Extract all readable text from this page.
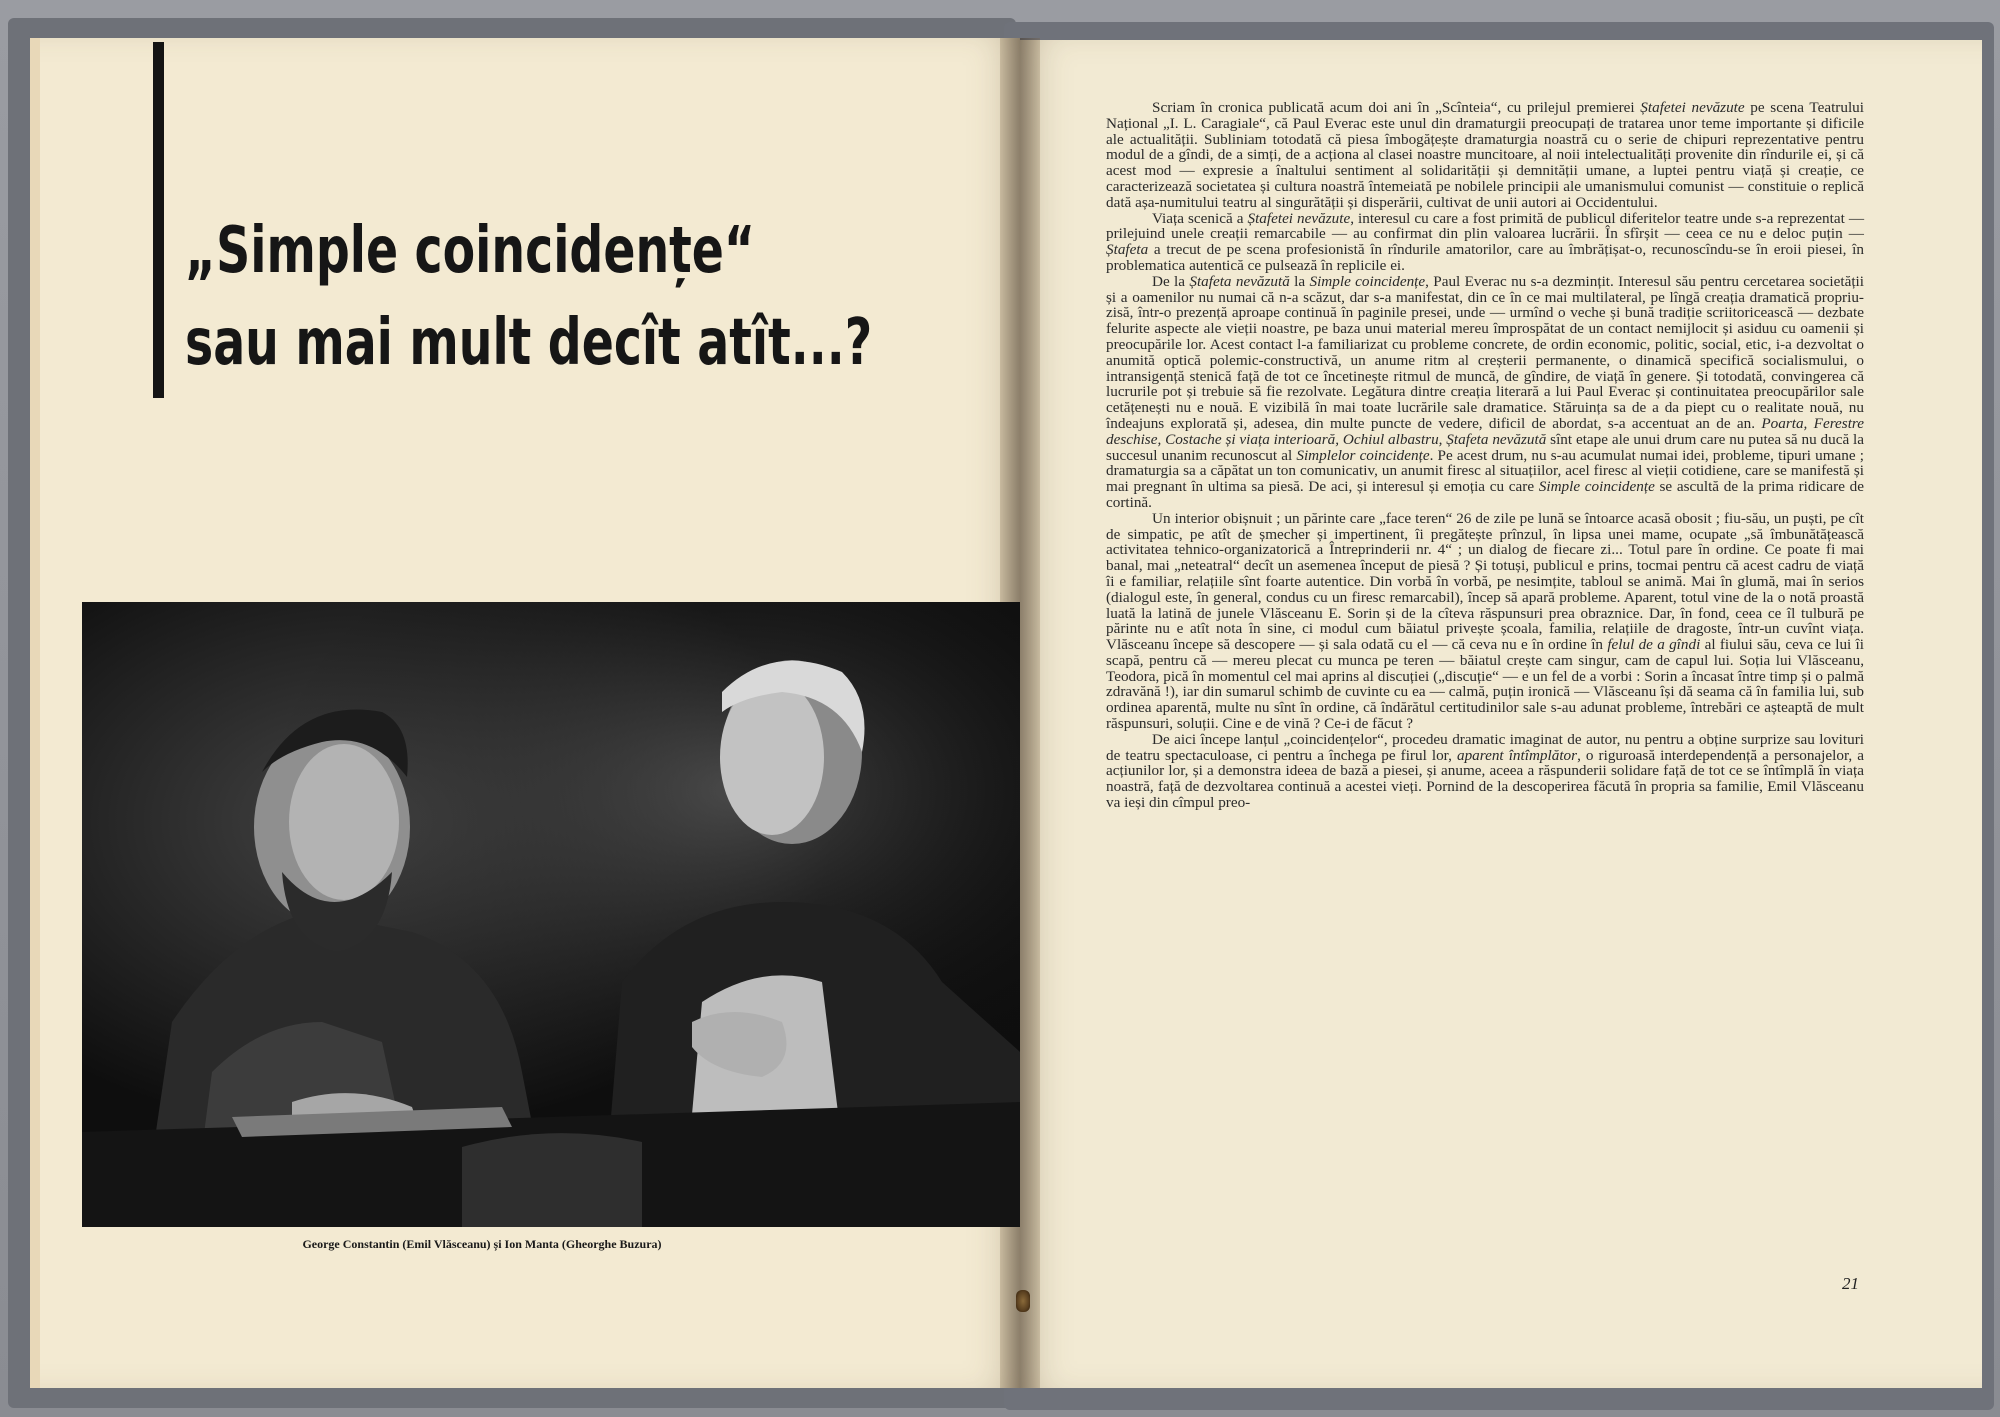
„Simple coincidențe“
sau mai mult decît atît...?

George Constantin (Emil Vlăsceanu) și Ion Manta (Gheorghe Buzura)

Scriam în cronica publicată acum doi ani în „Scînteia“, cu prilejul premierei Ștafetei nevăzute pe scena Teatrului Național „I. L. Caragiale“, că Paul Everac este unul din dramaturgii preocupați de tratarea unor teme importante și dificile ale actualității. Subliniam totodată că piesa îmbogățește dramaturgia noastră cu o serie de chipuri reprezentative pentru modul de a gîndi, de a simți, de a acționa al clasei noastre muncitoare, al noii intelectualități provenite din rîndurile ei, și că acest mod — expresie a înaltului sentiment al solidarității și demnității umane, a luptei pentru viață și creație, ce caracterizează societatea și cultura noastră întemeiată pe nobilele principii ale umanismului comunist — constituie o replică dată așa-numitului teatru al singurătății și disperării, cultivat de unii autori ai Occidentului.

Viața scenică a Ștafetei nevăzute, interesul cu care a fost primită de publicul diferitelor teatre unde s-a reprezentat — prilejuind unele creații remarcabile — au confirmat din plin valoarea lucrării. În sfîrșit — ceea ce nu e deloc puțin — Ștafeta a trecut de pe scena profesionistă în rîndurile amatorilor, care au îmbrățișat-o, recunoscîndu-se în eroii piesei, în problematica autentică ce pulsează în replicile ei.

De la Ștafeta nevăzută la Simple coincidențe, Paul Everac nu s-a dezmințit. Interesul său pentru cercetarea societății și a oamenilor nu numai că n-a scăzut, dar s-a manifestat, din ce în ce mai multilateral, pe lîngă creația dramatică propriu-zisă, într-o prezență aproape continuă în paginile presei, unde — urmînd o veche și bună tradiție scriitoricească — dezbate felurite aspecte ale vieții noastre, pe baza unui material mereu împrospătat de un contact nemijlocit și asiduu cu oamenii și preocupările lor. Acest contact l-a familiarizat cu probleme concrete, de ordin economic, politic, social, etic, i-a dezvoltat o anumită optică polemic-constructivă, un anume ritm al creșterii permanente, o dinamică specifică socialismului, o intransigență stenică față de tot ce încetinește ritmul de muncă, de gîndire, de viață în genere. Și totodată, convingerea că lucrurile pot și trebuie să fie rezolvate. Legătura dintre creația literară a lui Paul Everac și continuitatea preocupărilor sale cetățenești nu e nouă. E vizibilă în mai toate lucrările sale dramatice. Stăruința sa de a da piept cu o realitate nouă, nu îndeajuns explorată și, adesea, din multe puncte de vedere, dificil de abordat, s-a accentuat an de an. Poarta, Ferestre deschise, Costache și viața interioară, Ochiul albastru, Ștafeta nevăzută sînt etape ale unui drum care nu putea să nu ducă la succesul unanim recunoscut al Simplelor coincidențe. Pe acest drum, nu s-au acumulat numai idei, probleme, tipuri umane ; dramaturgia sa a căpătat un ton comunicativ, un anumit firesc al situațiilor, acel firesc al vieții cotidiene, care se manifestă și mai pregnant în ultima sa piesă. De aci, și interesul și emoția cu care Simple coincidențe se ascultă de la prima ridicare de cortină.

Un interior obișnuit ; un părinte care „face teren“ 26 de zile pe lună se întoarce acasă obosit ; fiu-său, un puști, pe cît de simpatic, pe atît de șmecher și impertinent, îi pregătește prînzul, în lipsa unei mame, ocupate „să îmbunătățească activitatea tehnico-organizatorică a Întreprinderii nr. 4“ ; un dialog de fiecare zi... Totul pare în ordine. Ce poate fi mai banal, mai „neteatral“ decît un asemenea început de piesă ? Și totuși, publicul e prins, tocmai pentru că acest cadru de viață îi e familiar, relațiile sînt foarte autentice. Din vorbă în vorbă, pe nesimțite, tabloul se animă. Mai în glumă, mai în serios (dialogul este, în general, condus cu un firesc remarcabil), încep să apară probleme. Aparent, totul vine de la o notă proastă luată la latină de junele Vlăsceanu E. Sorin și de la cîteva răspunsuri prea obraznice. Dar, în fond, ceea ce îl tulbură pe părinte nu e atît nota în sine, ci modul cum băiatul privește școala, familia, relațiile de dragoste, într-un cuvînt viața. Vlăsceanu începe să descopere — și sala odată cu el — că ceva nu e în ordine în felul de a gîndi al fiului său, ceva ce lui îi scapă, pentru că — mereu plecat cu munca pe teren — băiatul crește cam singur, cam de capul lui. Soția lui Vlăsceanu, Teodora, pică în momentul cel mai aprins al discuției („discuție“ — e un fel de a vorbi : Sorin a încasat între timp și o palmă zdravănă !), iar din sumarul schimb de cuvinte cu ea — calmă, puțin ironică — Vlăsceanu își dă seama că în familia lui, sub ordinea aparentă, multe nu sînt în ordine, că îndărătul certitudinilor sale s-au adunat probleme, întrebări ce așteaptă de mult răspunsuri, soluții. Cine e de vină ? Ce-i de făcut ?

De aici începe lanțul „coincidențelor“, procedeu dramatic imaginat de autor, nu pentru a obține surprize sau lovituri de teatru spectaculoase, ci pentru a închega pe firul lor, aparent întîmplător, o riguroasă interdependență a personajelor, a acțiunilor lor, și a demonstra ideea de bază a piesei, și anume, aceea a răspunderii solidare față de tot ce se întîmplă în viața noastră, față de dezvoltarea continuă a acestei vieți. Pornind de la descoperirea făcută în propria sa familie, Emil Vlăsceanu va ieși din cîmpul preo-

21
